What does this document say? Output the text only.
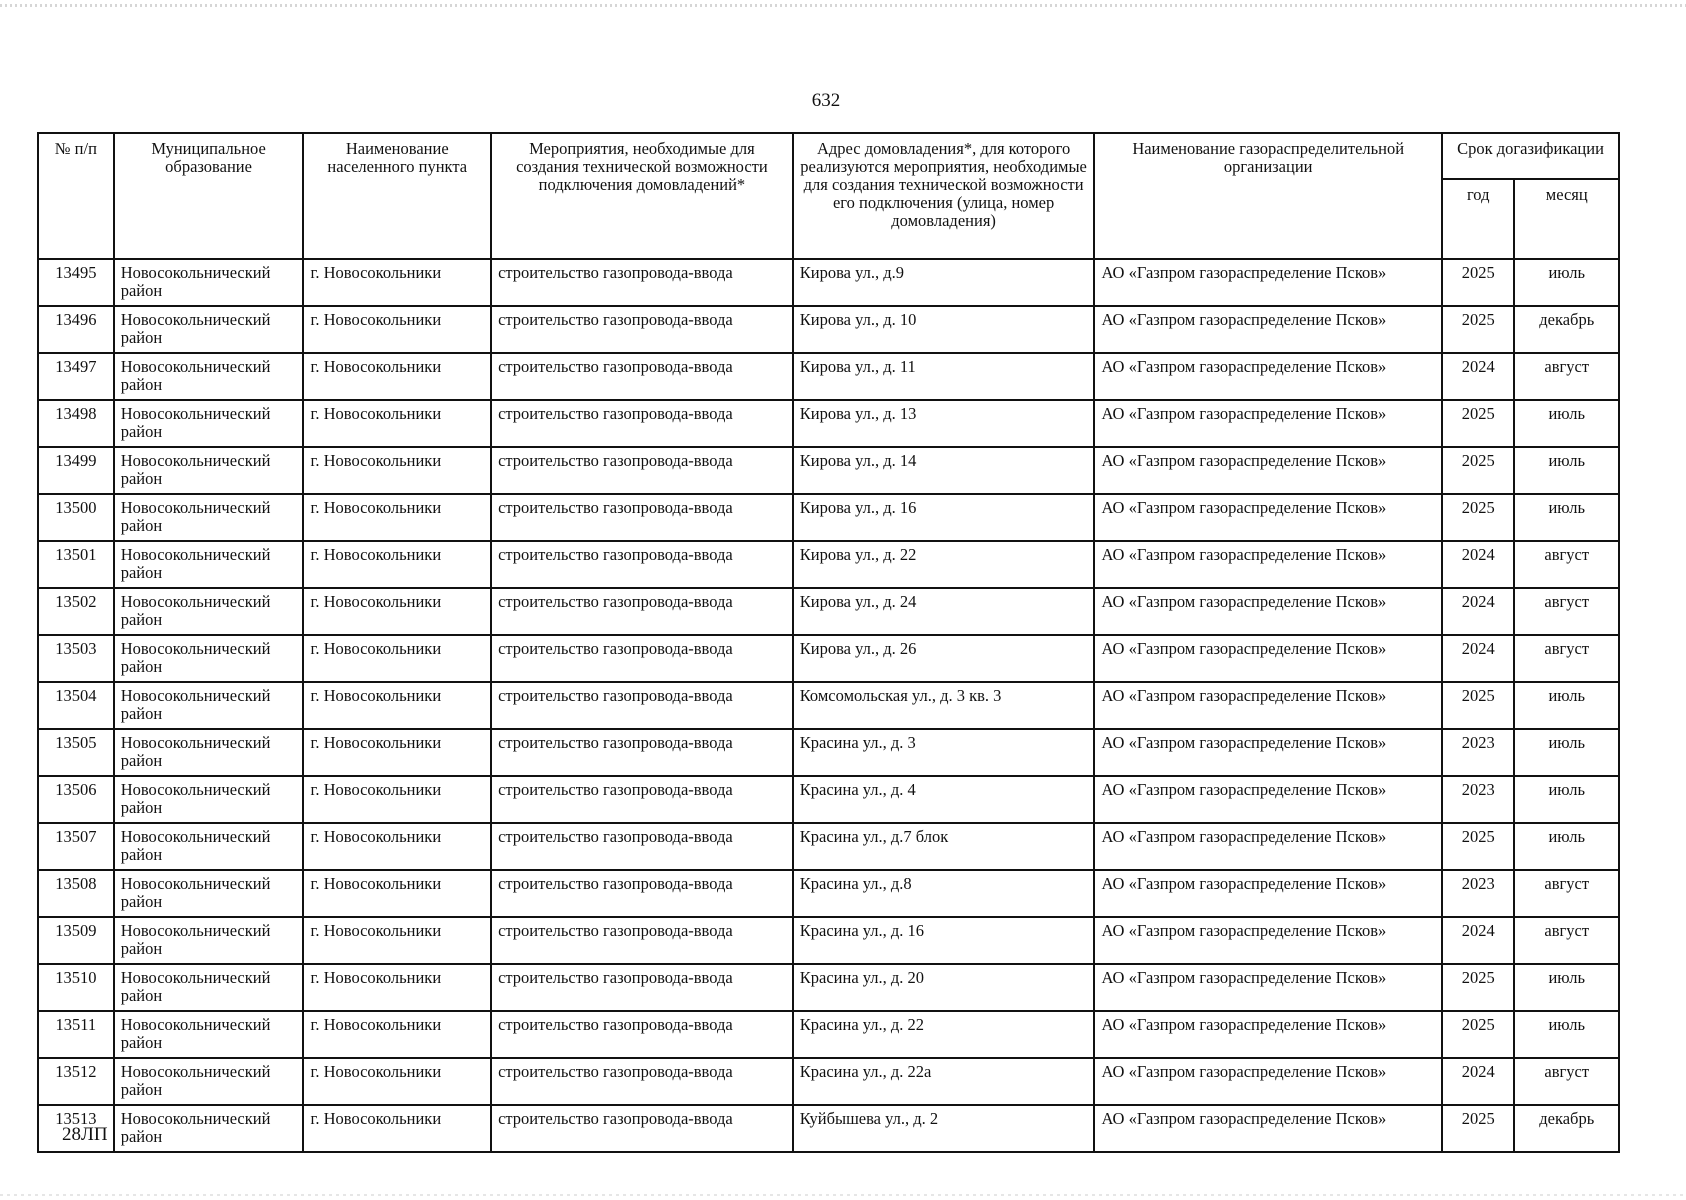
632
№ п/п	Муниципальное образование	Наименование населенного пункта	Мероприятия, необходимые для создания технической возможности подключения домовладений*	Адрес домовладения*, для которого реализуются мероприятия, необходимые для создания технической возможности его подключения (улица, номер домовладения)	Наименование газораспределительной организации	Срок догазификации	
						год	месяц
13495	Новосокольнический район	г. Новосокольники	строительство газопровода-ввода	Кирова ул., д.9	АО «Газпром газораспределение Псков»	2025	июль
13496	Новосокольнический район	г. Новосокольники	строительство газопровода-ввода	Кирова ул., д. 10	АО «Газпром газораспределение Псков»	2025	декабрь
13497	Новосокольнический район	г. Новосокольники	строительство газопровода-ввода	Кирова ул., д. 11	АО «Газпром газораспределение Псков»	2024	август
13498	Новосокольнический район	г. Новосокольники	строительство газопровода-ввода	Кирова ул., д. 13	АО «Газпром газораспределение Псков»	2025	июль
13499	Новосокольнический район	г. Новосокольники	строительство газопровода-ввода	Кирова ул., д. 14	АО «Газпром газораспределение Псков»	2025	июль
13500	Новосокольнический район	г. Новосокольники	строительство газопровода-ввода	Кирова ул., д. 16	АО «Газпром газораспределение Псков»	2025	июль
13501	Новосокольнический район	г. Новосокольники	строительство газопровода-ввода	Кирова ул., д. 22	АО «Газпром газораспределение Псков»	2024	август
13502	Новосокольнический район	г. Новосокольники	строительство газопровода-ввода	Кирова ул., д. 24	АО «Газпром газораспределение Псков»	2024	август
13503	Новосокольнический район	г. Новосокольники	строительство газопровода-ввода	Кирова ул., д. 26	АО «Газпром газораспределение Псков»	2024	август
13504	Новосокольнический район	г. Новосокольники	строительство газопровода-ввода	Комсомольская ул., д. 3 кв. 3	АО «Газпром газораспределение Псков»	2025	июль
13505	Новосокольнический район	г. Новосокольники	строительство газопровода-ввода	Красина ул., д. 3	АО «Газпром газораспределение Псков»	2023	июль
13506	Новосокольнический район	г. Новосокольники	строительство газопровода-ввода	Красина ул., д. 4	АО «Газпром газораспределение Псков»	2023	июль
13507	Новосокольнический район	г. Новосокольники	строительство газопровода-ввода	Красина ул., д.7 блок	АО «Газпром газораспределение Псков»	2025	июль
13508	Новосокольнический район	г. Новосокольники	строительство газопровода-ввода	Красина ул., д.8	АО «Газпром газораспределение Псков»	2023	август
13509	Новосокольнический район	г. Новосокольники	строительство газопровода-ввода	Красина ул., д. 16	АО «Газпром газораспределение Псков»	2024	август
13510	Новосокольнический район	г. Новосокольники	строительство газопровода-ввода	Красина ул., д. 20	АО «Газпром газораспределение Псков»	2025	июль
13511	Новосокольнический район	г. Новосокольники	строительство газопровода-ввода	Красина ул., д. 22	АО «Газпром газораспределение Псков»	2025	июль
13512	Новосокольнический район	г. Новосокольники	строительство газопровода-ввода	Красина ул., д. 22а	АО «Газпром газораспределение Псков»	2024	август
13513	Новосокольнический район	г. Новосокольники	строительство газопровода-ввода	Куйбышева ул., д. 2	АО «Газпром газораспределение Псков»	2025	декабрь
28ЛП
